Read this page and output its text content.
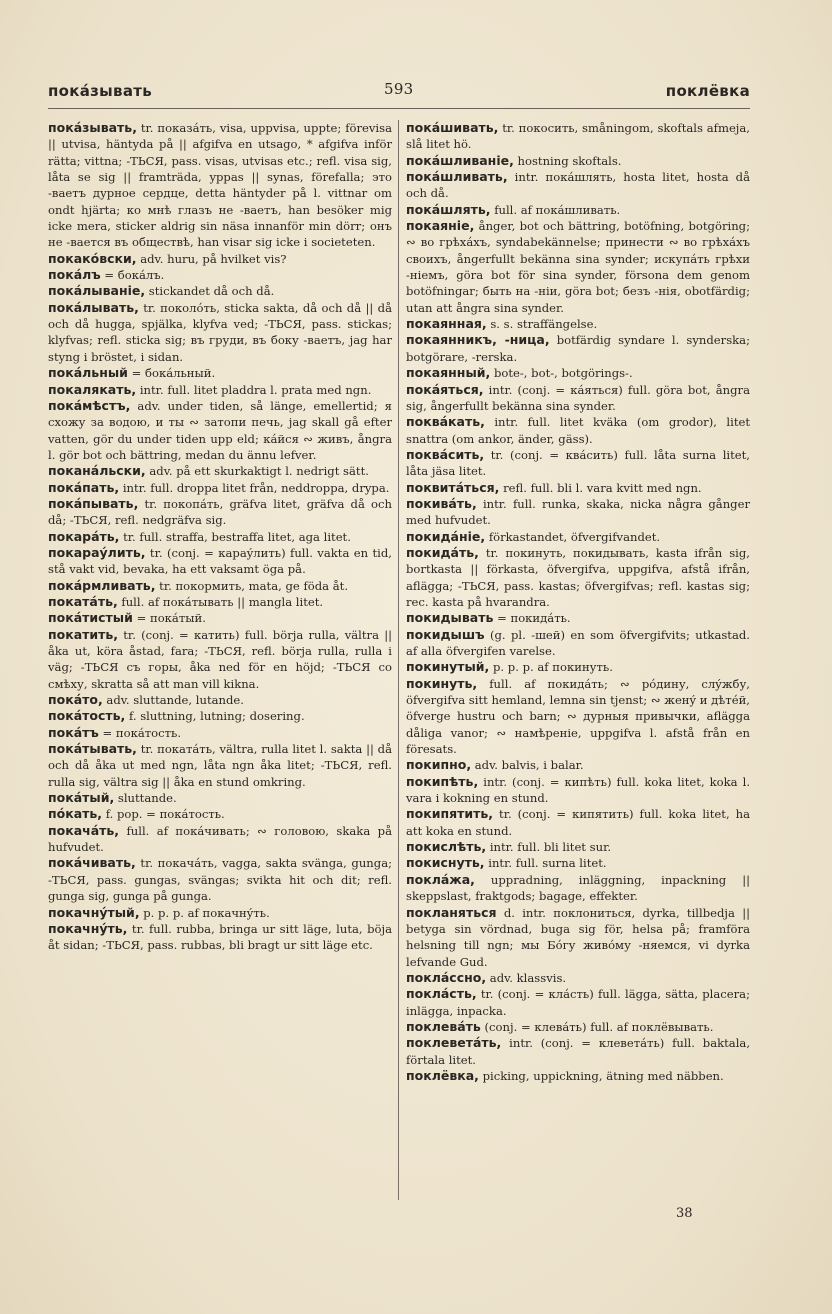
покáзывать	593	поклёвка

покáзывать, tr. показáть, visa, uppvisa, uppte; förevisa || utvisa, häntyda på || afgifva en utsago, * afgifva inför rätta; vittna; -ТЬСЯ, pass. visas, utvisas etc.; refl. visa sig, låta se sig || framträda, yppas || synas, förefalla; это -ваетъ дурное сердце, detta häntyder på l. vittnar om ondt hjärta; ко мнѣ глазъ не -ваетъ, han besöker mig icke mera, sticker aldrig sin näsa innanför min dörr; онъ не -вается въ обществѣ, han visar sig icke i societeten.

покакóвски, adv. huru, på hvilket vis?

покáлъ = бокáлъ.

покáлываніе, stickandet då och då.

покáлывать, tr. поколóть, sticka sakta, då och då || då och då hugga, spjälka, klyfva ved; -ТЬСЯ, pass. stickas; klyfvas; refl. sticka sig; въ груди, въ боку -ваетъ, jag har styng i bröstet, i sidan.

покáльный = бокáльный.

покалякать, intr. full. litet pladdra l. prata med ngn.

покáмѣстъ, adv. under tiden, så länge, emellertid; я схожу за водою, и ты ∾ затопи печь, jag skall gå efter vatten, gör du under tiden upp eld; кáйся ∾ живъ, ångra l. gör bot och bättring, medan du ännu lefver.

поканáльски, adv. på ett skurkaktigt l. nedrigt sätt.

покáпать, intr. full. droppa litet från, neddroppa, drypa.

покáпывать, tr. покопáть, gräfva litet, gräfva då och då; -ТЬСЯ, refl. nedgräfva sig.

покарáть, tr. full. straffa, bestraffa litet, aga litet.

покараýлить, tr. (conj. = караýлить) full. vakta en tid, stå vakt vid, bevaka, ha ett vaksamt öga på.

покáрмливать, tr. покормить, mata, ge föda åt.

покатáть, full. af покáтывать || mangla litet.

покáтистый = покáтый.

покатить, tr. (conj. = катить) full. börja rulla, vältra || åka ut, köra åstad, fara; -ТЬСЯ, refl. börja rulla, rulla i väg; -ТЬСЯ съ горы, åka ned för en höjd; -ТЬСЯ со смѣху, skratta så att man vill kikna.

покáто, adv. sluttande, lutande.

покáтость, f. sluttning, lutning; dosering.

покáтъ = покáтость.

покáтывать, tr. покатáть, vältra, rulla litet l. sakta || då och då åka ut med ngn, låta ngn åka litet; -ТЬСЯ, refl. rulla sig, vältra sig || åka en stund omkring.

покáтый, sluttande.

пóкать, f. pop. = покáтость.

покачáть, full. af покáчивать; ∾ головою, skaka på hufvudet.

покáчивать, tr. покачáть, vagga, sakta svänga, gunga; -ТЬСЯ, pass. gungas, svängas; svikta hit och dit; refl. gunga sig, gunga på gunga.

покачнýтый, p. p. p. af покачнýть.

покачнýть, tr. full. rubba, bringa ur sitt läge, luta, böja åt sidan; -ТЬСЯ, pass. rubbas, bli bragt ur sitt läge etc.

покáшивать, tr. покосить, småningom, skoftals afmeja, slå litet hö.

покáшливаніе, hostning skoftals.

покáшливать, intr. покáшлять, hosta litet, hosta då och då.

покáшлять, full. af покáшливать.

покаяніе, ånger, bot och bättring, botöfning, botgöring; ∾ во грѣхáхъ, syndabekännelse; принести ∾ во грѣхáхъ своихъ, ångerfullt bekänna sina synder; искупáть грѣхи -ніемъ, göra bot för sina synder, försona dem genom botöfningar; быть на -ніи, göra bot; безъ -нія, obotfärdig; utan att ångra sina synder.

покаянная, s. s. straffängelse.

покаянникъ, -ница, botfärdig syndare l. synderska; botgörare, -rerska.

покаянный, bote-, bot-, botgörings-.

покáяться, intr. (conj. = кáяться) full. göra bot, ångra sig, ångerfullt bekänna sina synder.

поквáкать, intr. full. litet kväka (om grodor), litet snattra (om ankor, änder, gäss).

поквáсить, tr. (conj. = квáсить) full. låta surna litet, låta jäsa litet.

поквитáться, refl. full. bli l. vara kvitt med ngn.

покивáть, intr. full. runka, skaka, nicka några gånger med hufvudet.

покидáніе, förkastandet, öfvergifvandet.

покидáть, tr. покинуть, покидывать, kasta ifrån sig, bortkasta || förkasta, öfvergifva, uppgifva, afstå ifrån, aflägga; -ТЬСЯ, pass. kastas; öfvergifvas; refl. kastas sig; rec. kasta på hvarandra.

покидывать = покидáть.

покидышъ (g. pl. -шей) en som öfvergifvits; utkastad. af alla öfvergifen varelse.

покинутый, p. p. p. af покинуть.

покинуть, full. af покидáть; ∾ рóдину, слýжбу, öfvergifva sitt hemland, lemna sin tjenst; ∾ женý и дѣтéй, öfverge hustru och barn; ∾ дурныя привычки, aflägga dåliga vanor; ∾ намѣреніе, uppgifva l. afstå från en föresats.

покипно, adv. balvis, i balar.

покипѣть, intr. (conj. = кипѣть) full. koka litet, koka l. vara i kokning en stund.

покипятить, tr. (conj. = кипятить) full. koka litet, ha att koka en stund.

покислѣть, intr. full. bli litet sur.

покиснуть, intr. full. surna litet.

поклáжа, uppradning, inläggning, inpackning || skeppslast, fraktgods; bagage, effekter.

покланяться d. intr. поклониться, dyrka, tillbedja || betyga sin vördnad, buga sig för, helsa på; framföra helsning till ngn; мы Бóгу живóму -няемся, vi dyrka lefvande Gud.

поклáссно, adv. klassvis.

поклáсть, tr. (conj. = клáсть) full. lägga, sätta, placera; inlägga, inpacka.

поклевáть (conj. = клевáть) full. af поклёвывать.

поклеветáть, intr. (conj. = клеветáть) full. baktala, förtala litet.

поклёвка, picking, uppickning, ätning med näbben.

38
